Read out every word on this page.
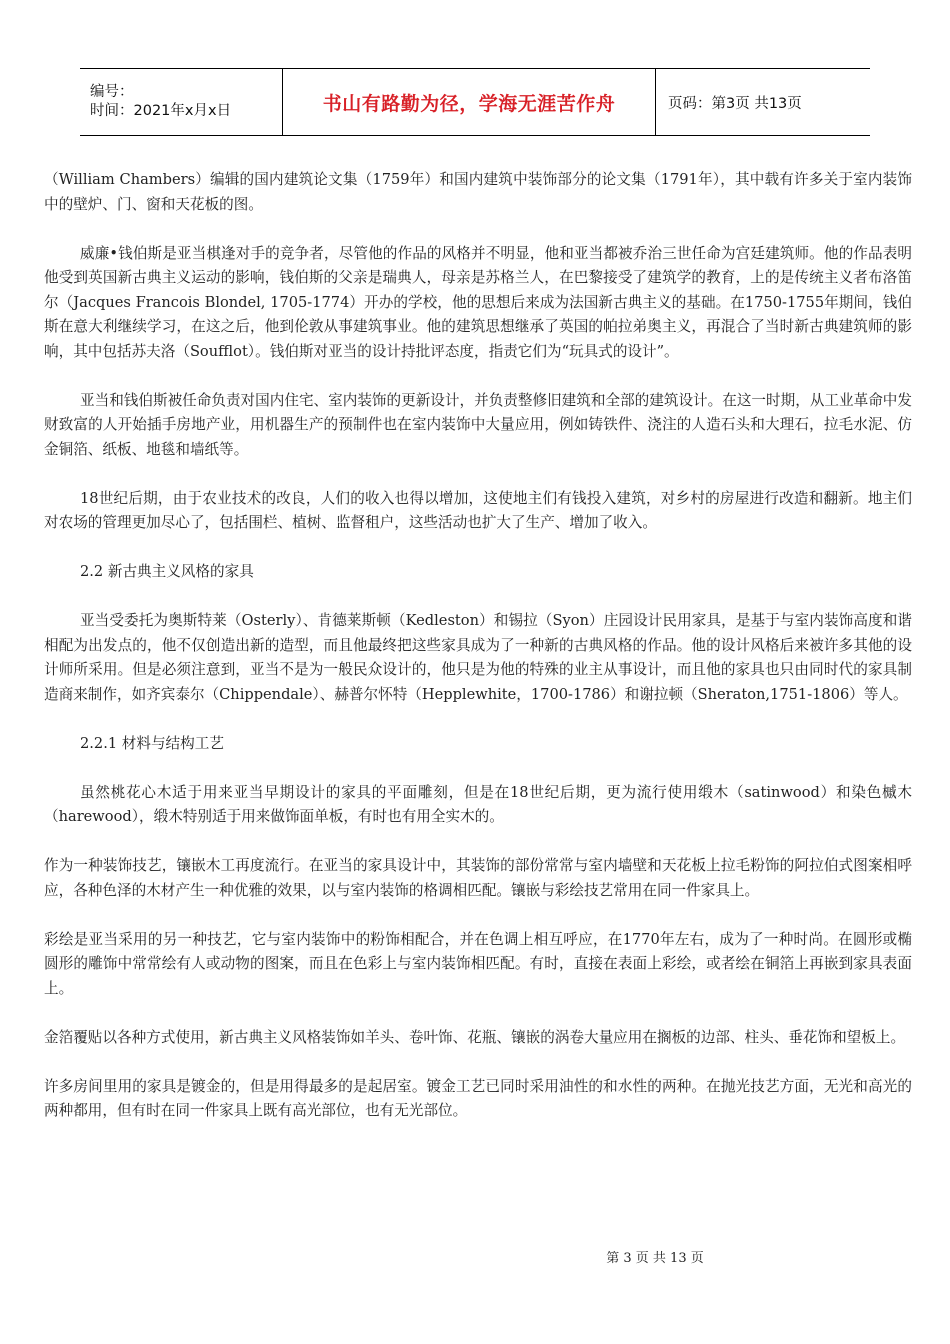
编号：
时间：2021年x月x日	书山有路勤为径，学海无涯苦作舟	页码：第3页 共13页

（William Chambers）编辑的国内建筑论文集（1759年）和国内建筑中装饰部分的论文集（1791年），其中载有许多关于室内装饰中的壁炉、门、窗和天花板的图。

威廉•钱伯斯是亚当棋逢对手的竞争者，尽管他的作品的风格并不明显，他和亚当都被乔治三世任命为宫廷建筑师。他的作品表明他受到英国新古典主义运动的影响，钱伯斯的父亲是瑞典人，母亲是苏格兰人，在巴黎接受了建筑学的教育，上的是传统主义者布洛笛尔（Jacques Francois Blondel, 1705-1774）开办的学校，他的思想后来成为法国新古典主义的基础。在1750-1755年期间，钱伯斯在意大利继续学习，在这之后，他到伦敦从事建筑事业。他的建筑思想继承了英国的帕拉弟奥主义，再混合了当时新古典建筑师的影响，其中包括苏夫洛（Soufflot）。钱伯斯对亚当的设计持批评态度，指责它们为“玩具式的设计”。

亚当和钱伯斯被任命负责对国内住宅、室内装饰的更新设计，并负责整修旧建筑和全部的建筑设计。在这一时期，从工业革命中发财致富的人开始插手房地产业，用机器生产的预制件也在室内装饰中大量应用，例如铸铁件、浇注的人造石头和大理石，拉毛水泥、仿金铜箔、纸板、地毯和墙纸等。

18世纪后期，由于农业技术的改良，人们的收入也得以增加，这使地主们有钱投入建筑，对乡村的房屋进行改造和翻新。地主们对农场的管理更加尽心了，包括围栏、植树、监督租户，这些活动也扩大了生产、增加了收入。

2.2 新古典主义风格的家具

亚当受委托为奥斯特莱（Osterly）、肯德莱斯顿（Kedleston）和锡拉（Syon）庄园设计民用家具，是基于与室内装饰高度和谐相配为出发点的，他不仅创造出新的造型，而且他最终把这些家具成为了一种新的古典风格的作品。他的设计风格后来被许多其他的设计师所采用。但是必须注意到，亚当不是为一般民众设计的，他只是为他的特殊的业主从事设计，而且他的家具也只由同时代的家具制造商来制作，如齐宾泰尔（Chippendale）、赫普尔怀特（Hepplewhite，1700-1786）和谢拉顿（Sheraton,1751-1806）等人。

2.2.1 材料与结构工艺

虽然桃花心木适于用来亚当早期设计的家具的平面雕刻，但是在18世纪后期，更为流行使用缎木（satinwood）和染色槭木（harewood），缎木特别适于用来做饰面单板，有时也有用全实木的。

作为一种装饰技艺，镶嵌木工再度流行。在亚当的家具设计中，其装饰的部份常常与室内墙壁和天花板上拉毛粉饰的阿拉伯式图案相呼应，各种色泽的木材产生一种优雅的效果，以与室内装饰的格调相匹配。镶嵌与彩绘技艺常用在同一件家具上。

彩绘是亚当采用的另一种技艺，它与室内装饰中的粉饰相配合，并在色调上相互呼应，在1770年左右，成为了一种时尚。在圆形或椭圆形的雕饰中常常绘有人或动物的图案，而且在色彩上与室内装饰相匹配。有时，直接在表面上彩绘，或者绘在铜箔上再嵌到家具表面上。

金箔覆贴以各种方式使用，新古典主义风格装饰如羊头、卷叶饰、花瓶、镶嵌的涡卷大量应用在搁板的边部、柱头、垂花饰和望板上。

许多房间里用的家具是镀金的，但是用得最多的是起居室。镀金工艺已同时采用油性的和水性的两种。在抛光技艺方面，无光和高光的两种都用，但有时在同一件家具上既有高光部位，也有无光部位。

第 3 页 共 13 页
